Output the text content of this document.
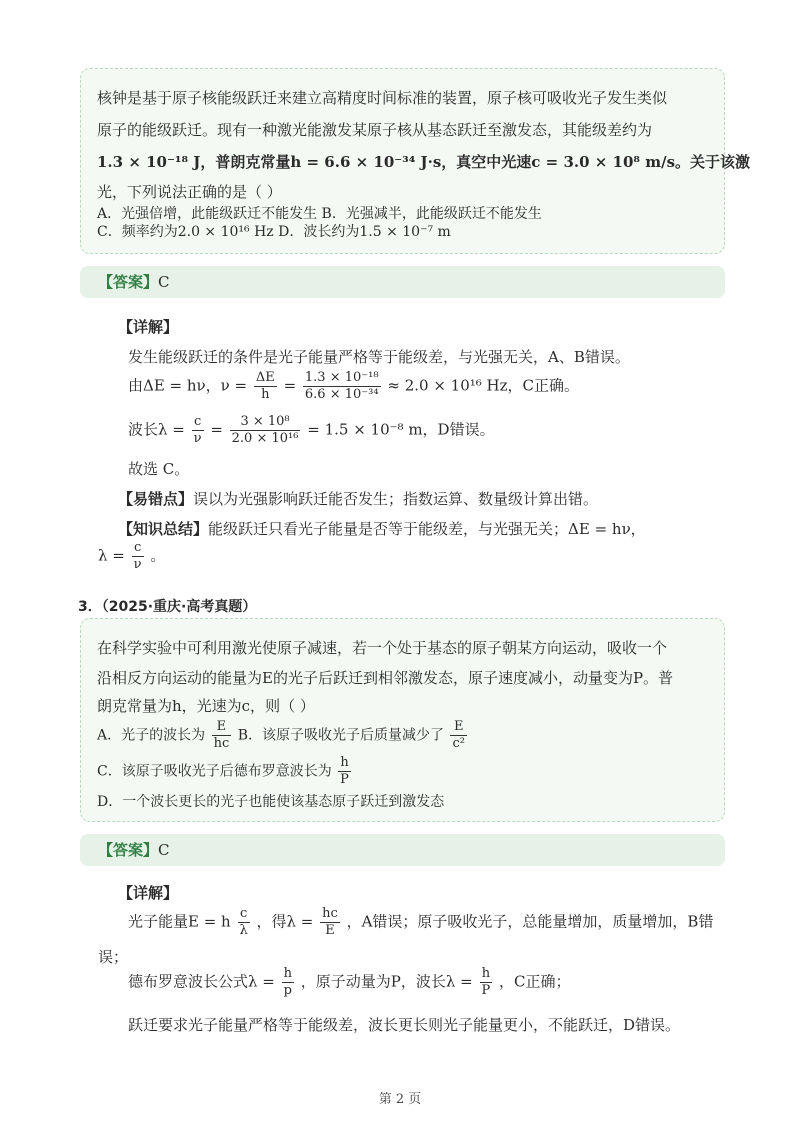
核钟是基于原子核能级跃迁来建立高精度时间标准的装置，原子核可吸收光子发生类似
原子的能级跃迁。现有一种激光能激发某原子核从基态跃迁至激发态，其能级差约为
1.3 × 10⁻¹⁸ J，普朗克常量h = 6.6 × 10⁻³⁴ J·s，真空中光速c = 3.0 × 10⁸ m/s。关于该激
光，下列说法正确的是（ ）
A．光强倍增，此能级跃迁不能发生 B．光强减半，此能级跃迁不能发生
C．频率约为2.0 × 10¹⁶ Hz D．波长约为1.5 × 10⁻⁷ m
【答案】C
【详解】
发生能级跃迁的条件是光子能量严格等于能级差，与光强无关，A、B错误。
由ΔE = hν，$\nu = \frac{\Delta E}{h} = \frac{\text{1.3 × 10⁻¹⁸}}{\text{6.6 × 10⁻³⁴}} \approx 2.0 \times 10^{16}$ Hz，C正确。
波长$\lambda = \frac{c}{\nu} = \frac{\text{3 × 10⁸}}{\text{2.0 × 10¹⁶}} = 1.5 \times 10^{-8}$ m，D错误。
故选 C。
【易错点】误以为光强影响跃迁能否发生；指数运算、数量级计算出错。
【知识总结】能级跃迁只看光子能量是否等于能级差，与光强无关；ΔE = hν，
$\lambda = \frac{c}{\nu}$ 。
3．（2025·重庆·高考真题）
在科学实验中可利用激光使原子减速，若一个处于基态的原子朝某方向运动，吸收一个
沿相反方向运动的能量为E的光子后跃迁到相邻激发态，原子速度减小，动量变为P。普
朗克常量为h，光速为c，则（ ）
A．光子的波长为 $\frac{E}{hc}$ B．该原子吸收光子后质量减少了 $\frac{E}{\text{c²}}$
C．该原子吸收光子后德布罗意波长为 $\frac{h}{P}$
D．一个波长更长的光子也能使该基态原子跃迁到激发态
【答案】C
【详解】
光子能量E = h $\frac{c}{\lambda}$ ，得$\lambda = \frac{hc}{E}$ ，A错误；原子吸收光子，总能量增加，质量增加，B错
误；
德布罗意波长公式$\lambda = \frac{h}{p}$ ，原子动量为P，波长$\lambda = \frac{h}{P}$ ，C正确；
跃迁要求光子能量严格等于能级差，波长更长则光子能量更小，不能跃迁，D错误。
第 2 页
